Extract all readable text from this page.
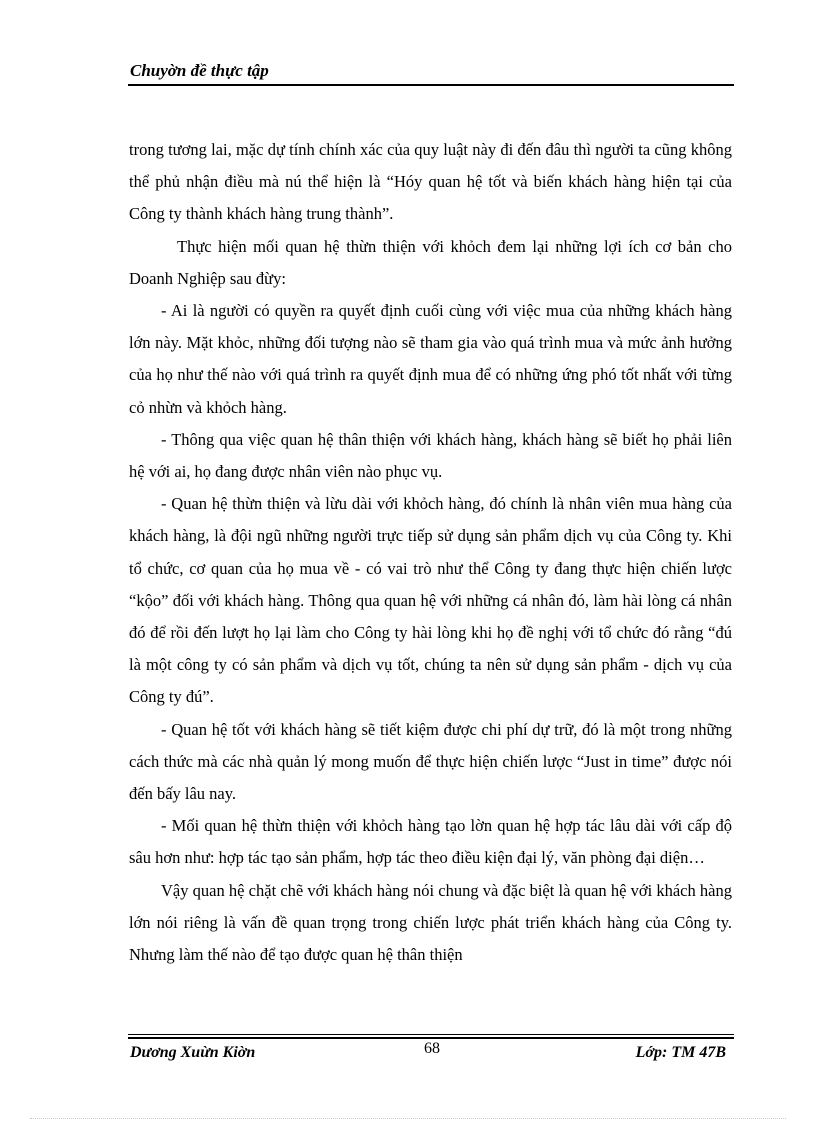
Chuyờn đề thực tập

trong tương lai, mặc dự tính chính xác của quy luật này đi đến đâu thì người ta cũng không thể phủ nhận điều mà nú thể hiện là “Hóy quan hệ tốt và biến khách hàng hiện tại của Công ty thành khách hàng trung thành”.

Thực hiện mối quan hệ thừn thiện với khỏch đem lại những lợi ích cơ bản cho Doanh Nghiệp sau đừy:

- Ai là người có quyền ra quyết định cuối cùng với việc mua của những khách hàng lớn này. Mặt khỏc, những đối tượng nào sẽ tham gia vào quá trình mua và mức ảnh hưởng của họ như thế nào với quá trình ra quyết định mua để có những ứng phó tốt nhất với từng cỏ nhừn và khỏch hàng.

- Thông qua việc quan hệ thân thiện với khách hàng, khách hàng sẽ biết họ phải liên hệ với ai, họ đang được nhân viên nào phục vụ.

- Quan hệ thừn thiện và lừu dài với khỏch hàng, đó chính là nhân viên mua hàng của khách hàng, là đội ngũ những người trực tiếp sử dụng sản phẩm dịch vụ của Công ty. Khi tổ chức, cơ quan của họ mua về - có vai trò như thể Công ty đang thực hiện chiến lược “kộo” đối với khách hàng. Thông qua quan hệ với những cá nhân đó, làm hài lòng cá nhân đó để rồi đến lượt họ lại làm cho Công ty hài lòng khi họ đề nghị với tổ chức đó rằng “đú là một công ty có sản phẩm và dịch vụ tốt, chúng ta nên sử dụng sản phẩm - dịch vụ của Công ty đú”.

- Quan hệ tốt với khách hàng sẽ tiết kiệm được chi phí dự trữ, đó là một trong những cách thức mà các nhà quản lý mong muốn để thực hiện chiến lược “Just in time” được nói đến bấy lâu nay.

- Mối quan hệ thừn thiện với khỏch hàng tạo lờn quan hệ hợp tác lâu dài với cấp độ sâu hơn như: hợp tác tạo sản phẩm, hợp tác theo điều kiện đại lý, văn phòng đại diện…

Vậy quan hệ chặt chẽ với khách hàng nói chung và đặc biệt là quan hệ với khách hàng lớn nói riêng là vấn đề quan trọng trong chiến lược phát triển khách hàng của Công ty. Nhưng làm thế nào để tạo được quan hệ thân thiện

Dương Xuừn Kiờn	68	Lớp: TM 47B
